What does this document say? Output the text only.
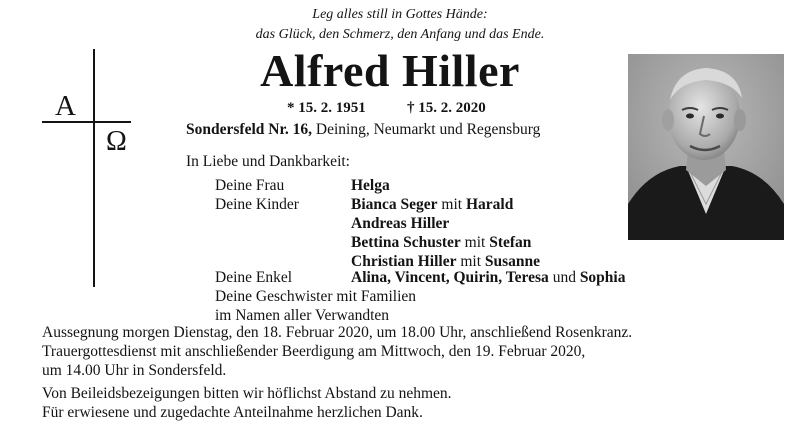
Leg alles still in Gottes Hände:
das Glück, den Schmerz, den Anfang und das Ende.
Alfred Hiller
A
Ω
* 15. 2. 1951	† 15. 2. 2020
Sondersfeld Nr. 16, Deining, Neumarkt und Regensburg
In Liebe und Dankbarkeit:
Deine Frau	Helga
Deine Kinder	Bianca Seger mit Harald
Andreas Hiller
Bettina Schuster mit Stefan
Christian Hiller mit Susanne
Deine Enkel	Alina, Vincent, Quirin, Teresa und Sophia
Deine Geschwister mit Familien
im Namen aller Verwandten
Aussegnung morgen Dienstag, den 18. Februar 2020, um 18.00 Uhr, anschließend Rosenkranz.
Trauergottesdienst mit anschließender Beerdigung am Mittwoch, den 19. Februar 2020,
um 14.00 Uhr in Sondersfeld.
Von Beileidsbezeigungen bitten wir höflichst Abstand zu nehmen.
Für erwiesene und zugedachte Anteilnahme herzlichen Dank.
